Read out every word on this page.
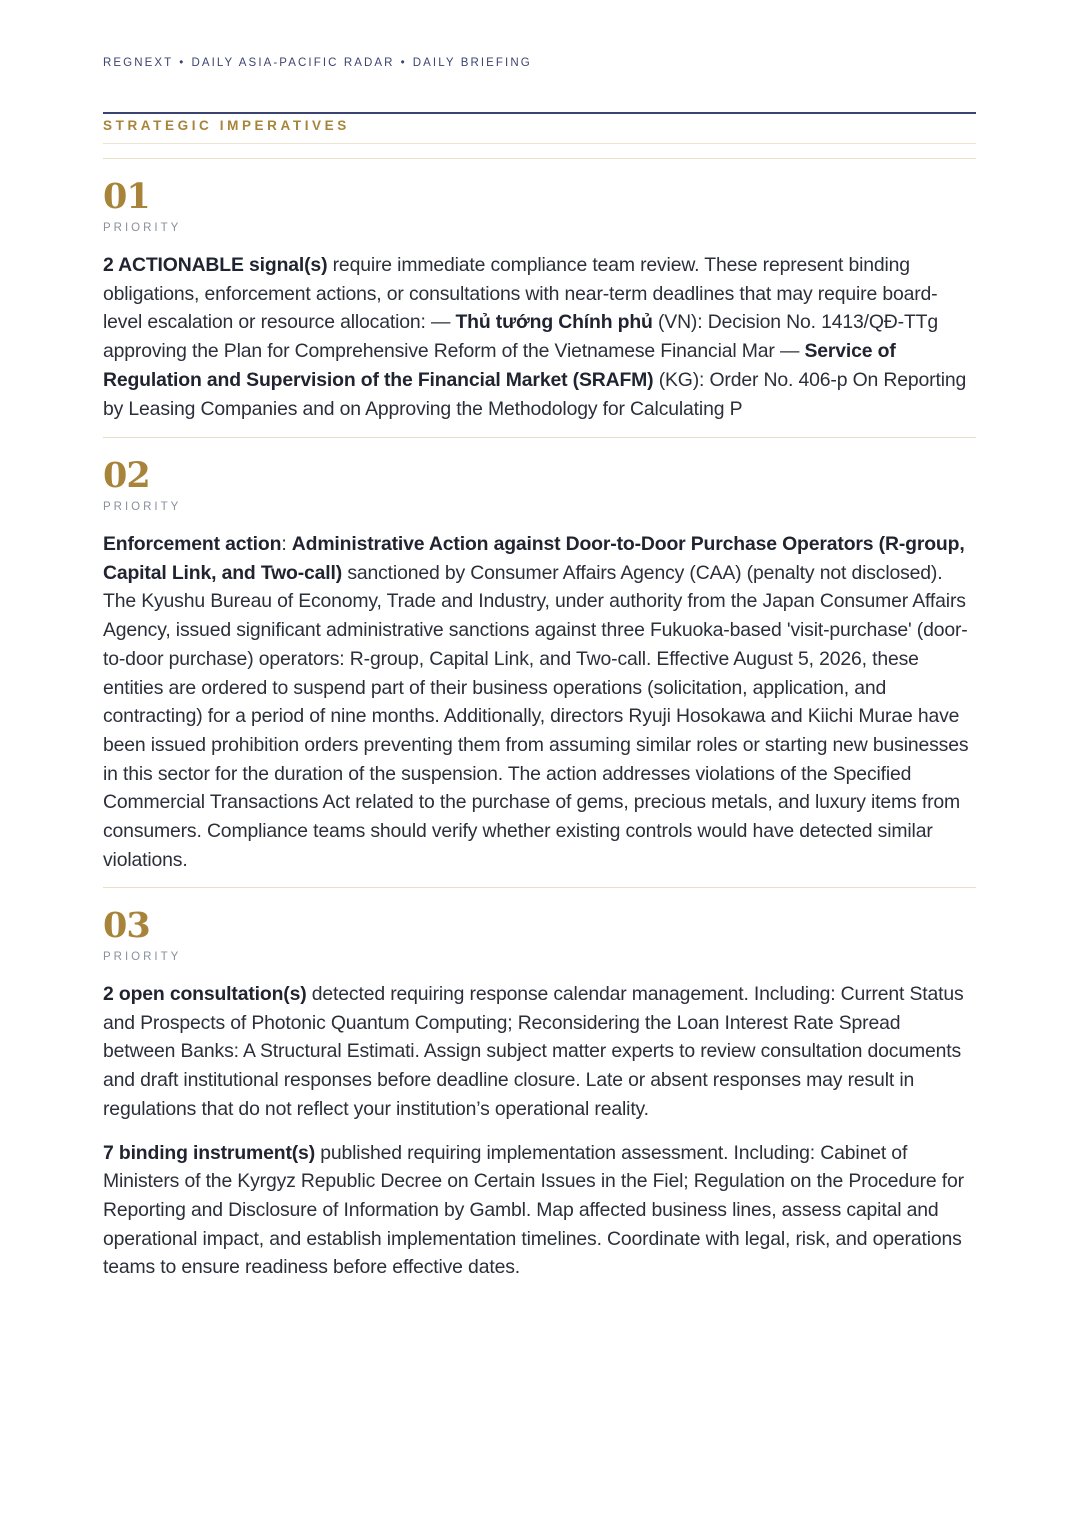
REGNEXT • DAILY ASIA-PACIFIC RADAR • DAILY BRIEFING
STRATEGIC IMPERATIVES
01
PRIORITY

2 ACTIONABLE signal(s) require immediate compliance team review. These represent binding obligations, enforcement actions, or consultations with near-term deadlines that may require board-level escalation or resource allocation: — Thủ tướng Chính phủ (VN): Decision No. 1413/QĐ-TTg approving the Plan for Comprehensive Reform of the Vietnamese Financial Mar — Service of Regulation and Supervision of the Financial Market (SRAFM) (KG): Order No. 406-p On Reporting by Leasing Companies and on Approving the Methodology for Calculating P

02
PRIORITY

Enforcement action: Administrative Action against Door-to-Door Purchase Operators (R-group, Capital Link, and Two-call) sanctioned by Consumer Affairs Agency (CAA) (penalty not disclosed). The Kyushu Bureau of Economy, Trade and Industry, under authority from the Japan Consumer Affairs Agency, issued significant administrative sanctions against three Fukuoka-based 'visit-purchase' (door-to-door purchase) operators: R-group, Capital Link, and Two-call. Effective August 5, 2026, these entities are ordered to suspend part of their business operations (solicitation, application, and contracting) for a period of nine months. Additionally, directors Ryuji Hosokawa and Kiichi Murae have been issued prohibition orders preventing them from assuming similar roles or starting new businesses in this sector for the duration of the suspension. The action addresses violations of the Specified Commercial Transactions Act related to the purchase of gems, precious metals, and luxury items from consumers. Compliance teams should verify whether existing controls would have detected similar violations.

03
PRIORITY

2 open consultation(s) detected requiring response calendar management. Including: Current Status and Prospects of Photonic Quantum Computing; Reconsidering the Loan Interest Rate Spread between Banks: A Structural Estimati. Assign subject matter experts to review consultation documents and draft institutional responses before deadline closure. Late or absent responses may result in regulations that do not reflect your institution’s operational reality.

7 binding instrument(s) published requiring implementation assessment. Including: Cabinet of Ministers of the Kyrgyz Republic Decree on Certain Issues in the Fiel; Regulation on the Procedure for Reporting and Disclosure of Information by Gambl. Map affected business lines, assess capital and operational impact, and establish implementation timelines. Coordinate with legal, risk, and operations teams to ensure readiness before effective dates.
